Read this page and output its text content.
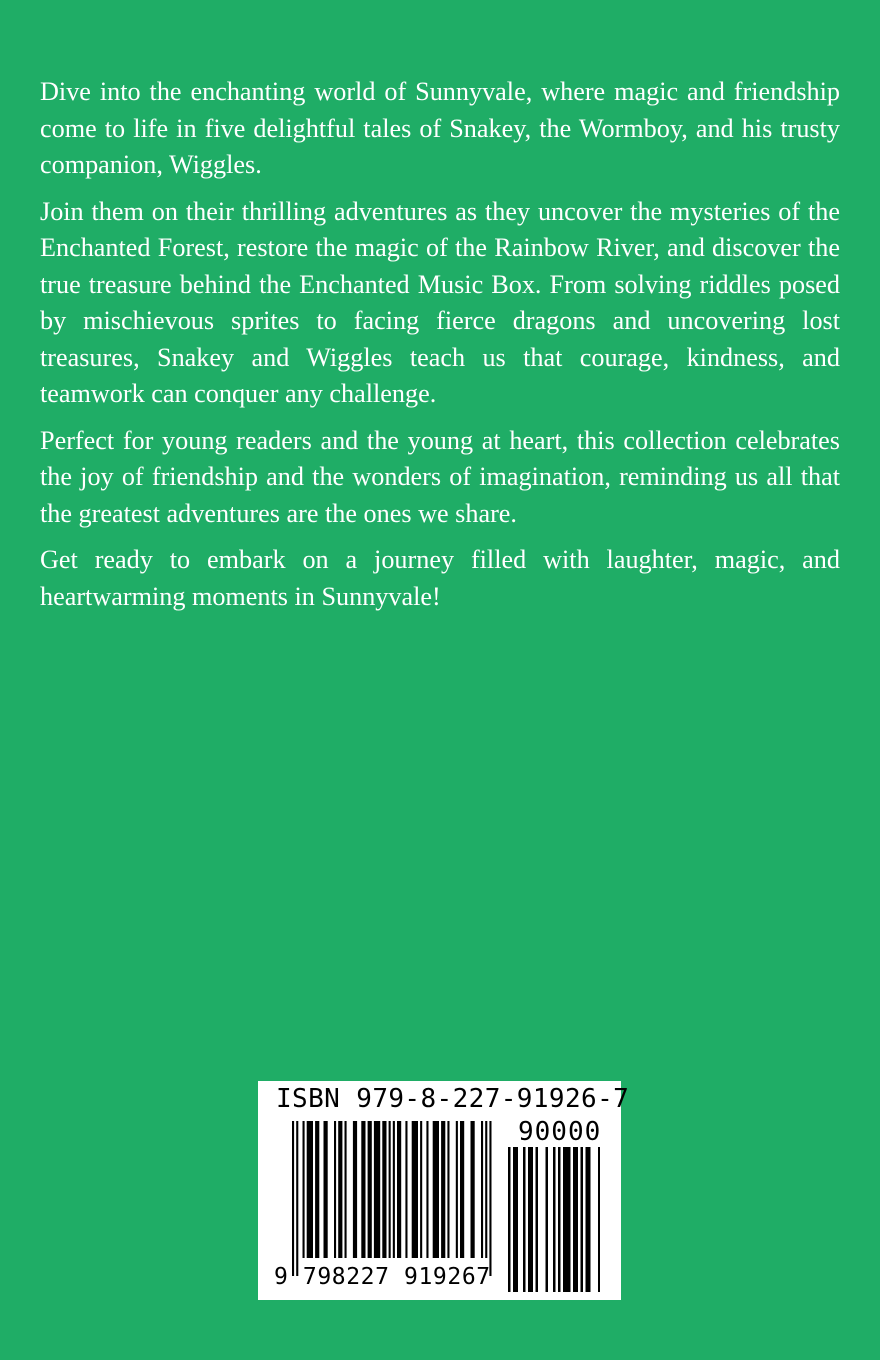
Dive into the enchanting world of Sunnyvale, where magic and friendship come to life in five delightful tales of Snakey, the Wormboy, and his trusty companion, Wiggles.

Join them on their thrilling adventures as they uncover the mysteries of the Enchanted Forest, restore the magic of the Rainbow River, and discover the true treasure behind the Enchanted Music Box. From solving riddles posed by mischievous sprites to facing fierce dragons and uncovering lost treasures, Snakey and Wiggles teach us that courage, kindness, and teamwork can conquer any challenge.

Perfect for young readers and the young at heart, this collection celebrates the joy of friendship and the wonders of imagination, reminding us all that the greatest adventures are the ones we share.

Get ready to embark on a journey filled with laughter, magic, and heartwarming moments in Sunnyvale!

ISBN 979-8-227-91926-7
90000
9 798227 919267
